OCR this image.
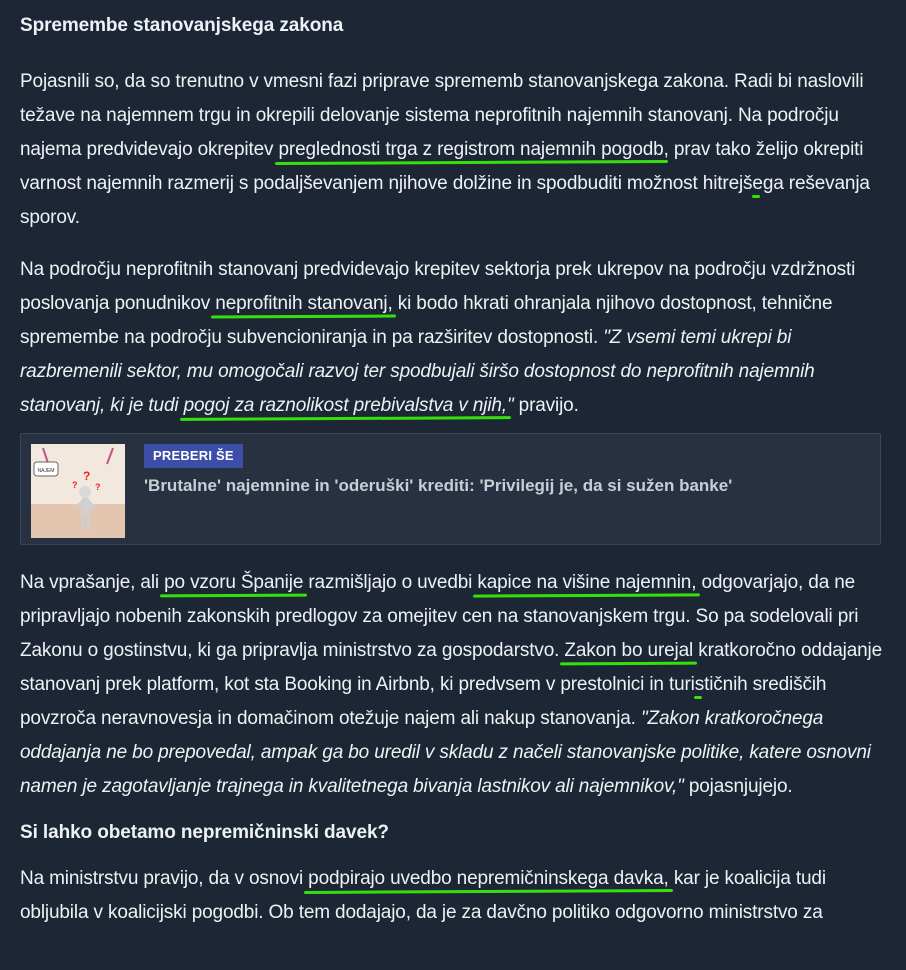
Spremembe stanovanjskega zakona

Pojasnili so, da so trenutno v vmesni fazi priprave sprememb stanovanjskega zakona. Radi bi naslovili težave na najemnem trgu in okrepili delovanje sistema neprofitnih najemnih stanovanj. Na področju najema predvidevajo okrepitev preglednosti trga z registrom najemnih pogodb, prav tako želijo okrepiti varnost najemnih razmerij s podaljševanjem njihove dolžine in spodbuditi možnost hitrejšega reševanja sporov.

Na področju neprofitnih stanovanj predvidevajo krepitev sektorja prek ukrepov na področju vzdržnosti poslovanja ponudnikov neprofitnih stanovanj, ki bodo hkrati ohranjala njihovo dostopnost, tehnične spremembe na področju subvencioniranja in pa razširitev dostopnosti. "Z vsemi temi ukrepi bi razbremenili sektor, mu omogočali razvoj ter spodbujali širšo dostopnost do neprofitnih najemnih stanovanj, ki je tudi pogoj za raznolikost prebivalstva v njih," pravijo.

NAJEM ?
? ?
PREBERI ŠE
'Brutalne' najemnine in 'oderuški' krediti: 'Privilegij je, da si sužen banke'

Na vprašanje, ali po vzoru Španije razmišljajo o uvedbi kapice na višine najemnin, odgovarjajo, da ne pripravljajo nobenih zakonskih predlogov za omejitev cen na stanovanjskem trgu. So pa sodelovali pri Zakonu o gostinstvu, ki ga pripravlja ministrstvo za gospodarstvo. Zakon bo urejal kratkoročno oddajanje stanovanj prek platform, kot sta Booking in Airbnb, ki predvsem v prestolnici in turističnih središčih povzroča neravnovesja in domačinom otežuje najem ali nakup stanovanja. "Zakon kratkoročnega oddajanja ne bo prepovedal, ampak ga bo uredil v skladu z načeli stanovanjske politike, katere osnovni namen je zagotavljanje trajnega in kvalitetnega bivanja lastnikov ali najemnikov," pojasnjujejo.

Si lahko obetamo nepremičninski davek?

Na ministrstvu pravijo, da v osnovi podpirajo uvedbo nepremičninskega davka, kar je koalicija tudi obljubila v koalicijski pogodbi. Ob tem dodajajo, da je za davčno politiko odgovorno ministrstvo za
